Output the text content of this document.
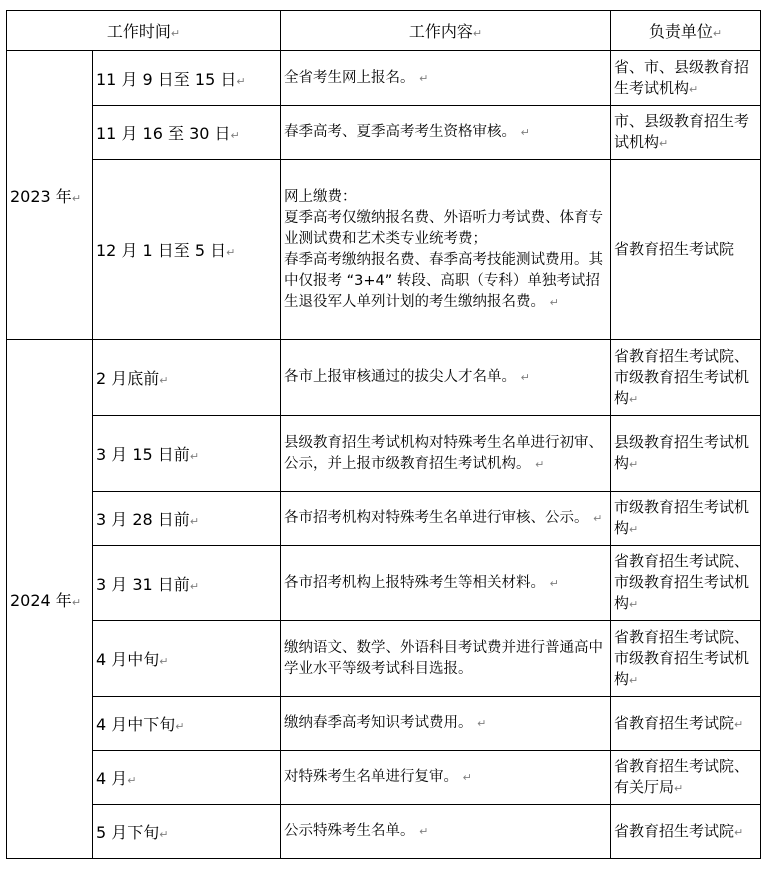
工作时间↵		工作内容↵	负责单位↵
2023 年↵	11 月 9 日至 15 日↵	全省考生网上报名。 ↵	省、市、县级教育招生考试机构↵
	11 月 16 至 30 日↵	春季高考、夏季高考考生资格审核。 ↵	市、县级教育招生考试机构↵
	12 月 1 日至 5 日↵	网上缴费：
夏季高考仅缴纳报名费、外语听力考试费、体育专业测试费和艺术类专业统考费；
春季高考缴纳报名费、春季高考技能测试费用。其中仅报考 “3+4” 转段、高职（专科）单独考试招生退役军人单列计划的考生缴纳报名费。 ↵	省教育招生考试院
2024 年↵	2 月底前↵	各市上报审核通过的拔尖人才名单。 ↵	省教育招生考试院、市级教育招生考试机构↵
	3 月 15 日前↵	县级教育招生考试机构对特殊考生名单进行初审、公示，并上报市级教育招生考试机构。 ↵	县级教育招生考试机构↵
	3 月 28 日前↵	各市招考机构对特殊考生名单进行审核、公示。 ↵	市级教育招生考试机构↵
	3 月 31 日前↵	各市招考机构上报特殊考生等相关材料。 ↵	省教育招生考试院、市级教育招生考试机构↵
	4 月中旬↵	缴纳语文、数学、外语科目考试费并进行普通高中学业水平等级考试科目选报。	省教育招生考试院、市级教育招生考试机构↵
	4 月中下旬↵	缴纳春季高考知识考试费用。 ↵	省教育招生考试院↵
	4 月↵	对特殊考生名单进行复审。 ↵	省教育招生考试院、有关厅局↵
	5 月下旬↵	公示特殊考生名单。 ↵	省教育招生考试院↵
